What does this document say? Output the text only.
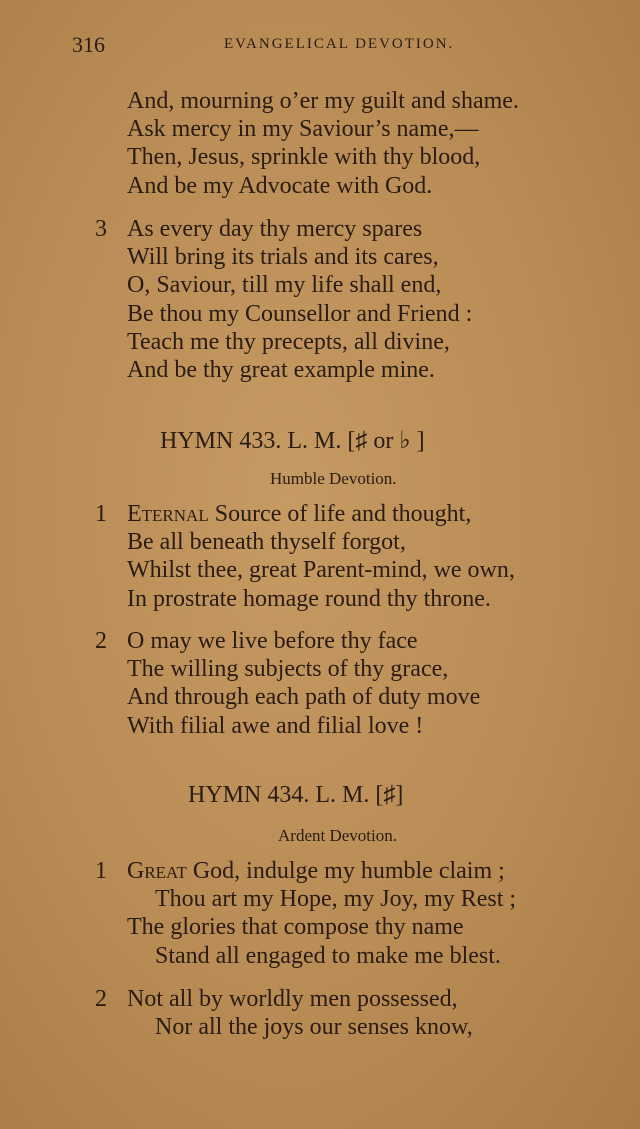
316	EVANGELICAL DEVOTION.
And, mourning o’er my guilt and shame.
Ask mercy in my Saviour’s name,—
Then, Jesus, sprinkle with thy blood,
And be my Advocate with God.
3 As every day thy mercy spares
Will bring its trials and its cares,
O, Saviour, till my life shall end,
Be thou my Counsellor and Friend :
Teach me thy precepts, all divine,
And be thy great example mine.
HYMN 433. L. M. [♯ or ♭ ]
Humble Devotion.
1 Eternal Source of life and thought,
Be all beneath thyself forgot,
Whilst thee, great Parent-mind, we own,
In prostrate homage round thy throne.
2 O may we live before thy face
The willing subjects of thy grace,
And through each path of duty move
With filial awe and filial love !
HYMN 434. L. M. [♯]
Ardent Devotion.
1 Great God, indulge my humble claim ;
Thou art my Hope, my Joy, my Rest ;
The glories that compose thy name
Stand all engaged to make me blest.
2 Not all by worldly men possessed,
Nor all the joys our senses know,
